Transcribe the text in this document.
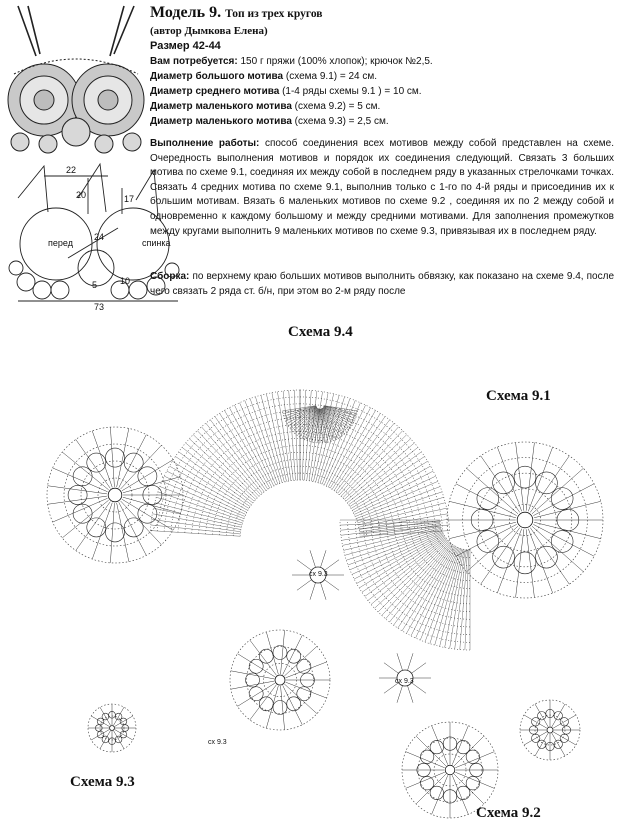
Модель 9. Топ из трех кругов
(автор Дымкова Елена)
Размер 42-44
Вам потребуется: 150 г пряжи (100% хлопок); крючок №2,5.
Диаметр большого мотива (схема 9.1) = 24 см.
Диаметр среднего мотива (1-4 ряды схемы 9.1 ) = 10 см.
Диаметр маленького мотива (схема 9.2) = 5 см.
Диаметр маленького мотива (схема 9.3) = 2,5 см.
Выполнение работы: способ соединения всех мотивов между собой представлен на схеме. Очередность выполнения мотивов и порядок их соединения следующий. Связать 3 больших мотива по схеме 9.1, соединяя их между собой в последнем ряду в указанных стрелочками точках. Связать 4 средних мотива по схеме 9.1, выполнив только с 1-го по 4-й ряды и присоединив их к большим мотивам. Вязать 6 маленьких мотивов по схеме 9.2 , соединяя их по 2 между собой и одновременно к каждому большому и между средними мотивами. Для заполнения промежутков между кругами выполнить 9 маленьких мотивов по схеме 9.3, привязывая их в последнем ряду.
Сборка: по верхнему краю больших мотивов выполнить обвязку, как показано на схеме 9.4, после чего связать 2 ряда ст. б/н, при этом во 2-м ряду после
22
20	17
24
10
5
73
перед	спинка
Схема 9.4
Схема 9.1
Схема 9.3
Схема 9.2
сх 9.3
сх 9.3
сх 9.3
